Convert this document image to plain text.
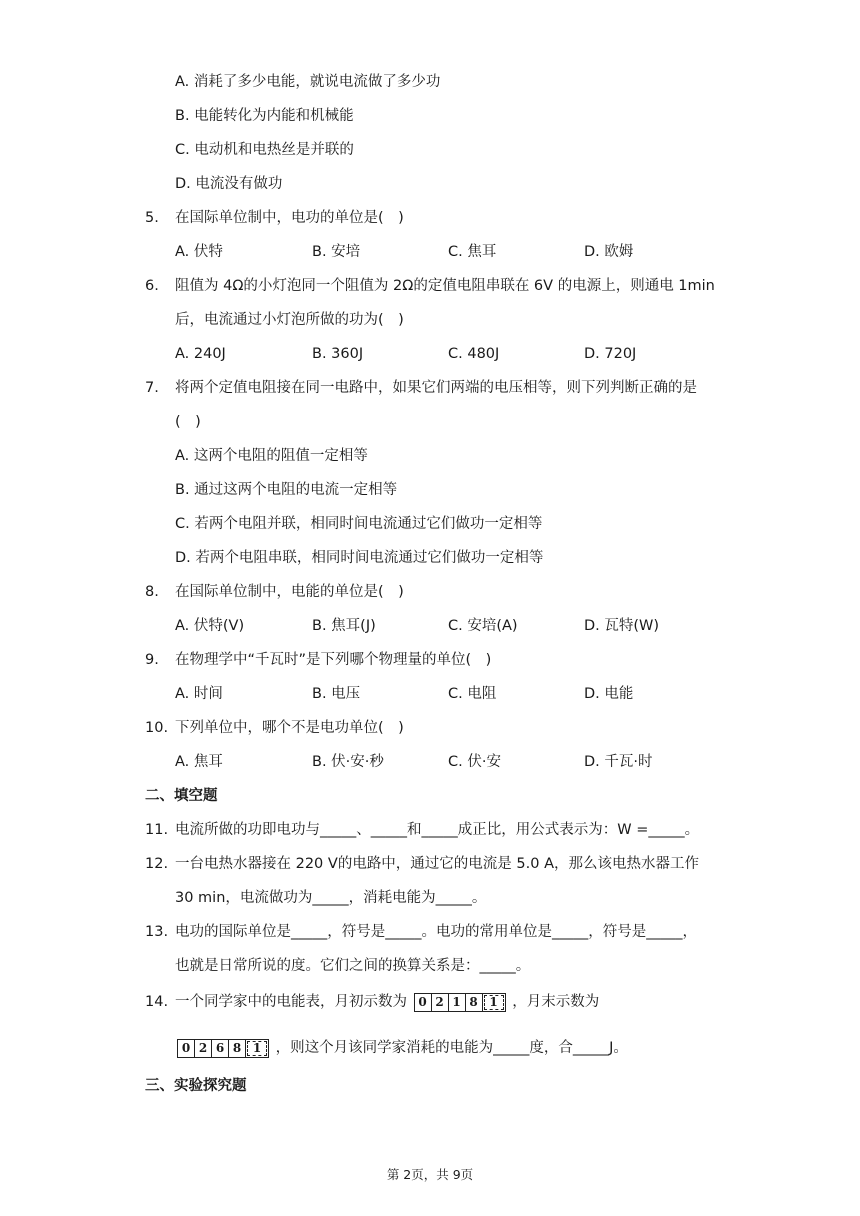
A. 消耗了多少电能，就说电流做了多少功
B. 电能转化为内能和机械能
C. 电动机和电热丝是并联的
D. 电流没有做功
5. 在国际单位制中，电功的单位是(　)
A. 伏特	B. 安培	C. 焦耳	D. 欧姆
6. 阻值为 4Ω的小灯泡同一个阻值为 2Ω的定值电阻串联在 6V 的电源上，则通电 1min
后，电流通过小灯泡所做的功为(　)
A. 240J	B. 360J	C. 480J	D. 720J
7. 将两个定值电阻接在同一电路中，如果它们两端的电压相等，则下列判断正确的是
(　)
A. 这两个电阻的阻值一定相等
B. 通过这两个电阻的电流一定相等
C. 若两个电阻并联，相同时间电流通过它们做功一定相等
D. 若两个电阻串联，相同时间电流通过它们做功一定相等
8. 在国际单位制中，电能的单位是(　)
A. 伏特(V)	B. 焦耳(J)	C. 安培(A)	D. 瓦特(W)
9. 在物理学中“千瓦时”是下列哪个物理量的单位(　)
A. 时间	B. 电压	C. 电阻	D. 电能
10. 下列单位中，哪个不是电功单位(　)
A. 焦耳	B. 伏·安·秒	C. 伏·安	D. 千瓦·时
二、填空题
11. 电流所做的功即电功与_____、_____和_____成正比，用公式表示为：W =_____。
12. 一台电热水器接在 220 V的电路中，通过它的电流是 5.0 A，那么该电热水器工作
30 min，电流做功为_____，消耗电能为_____。
13. 电功的国际单位是_____，符号是_____。电功的常用单位是_____，符号是_____，
也就是日常所说的度。它们之间的换算关系是：_____。
14. 一个同学家中的电能表，月初示数为 0 2 1 8 1 ，月末示数为
0 2 6 8 1 ，则这个月该同学家消耗的电能为_____度，合_____J。
三、实验探究题
第 2页，共 9页
